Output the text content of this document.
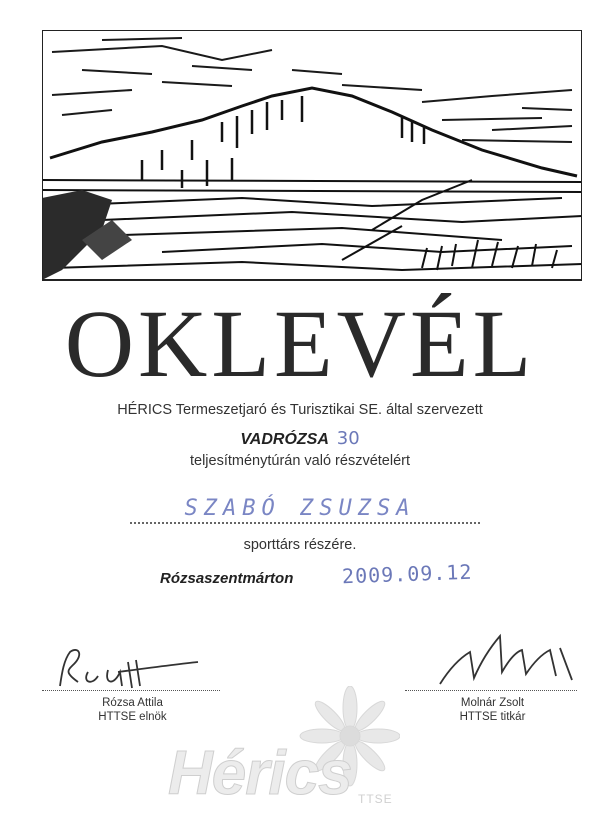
OKLEVÉL
HÉRICS Termeszetjaró és Turisztikai SE. által szervezett
VADRÓZSA 30
teljesítménytúrán való részvételért
SZABÓ ZSUZSA
sporttárs részére.
Rózsaszentmárton 2009.09.12
Rózsa Attila
HTTSE elnök
Molnár Zsolt
HTTSE titkár
Hérics TTSE
